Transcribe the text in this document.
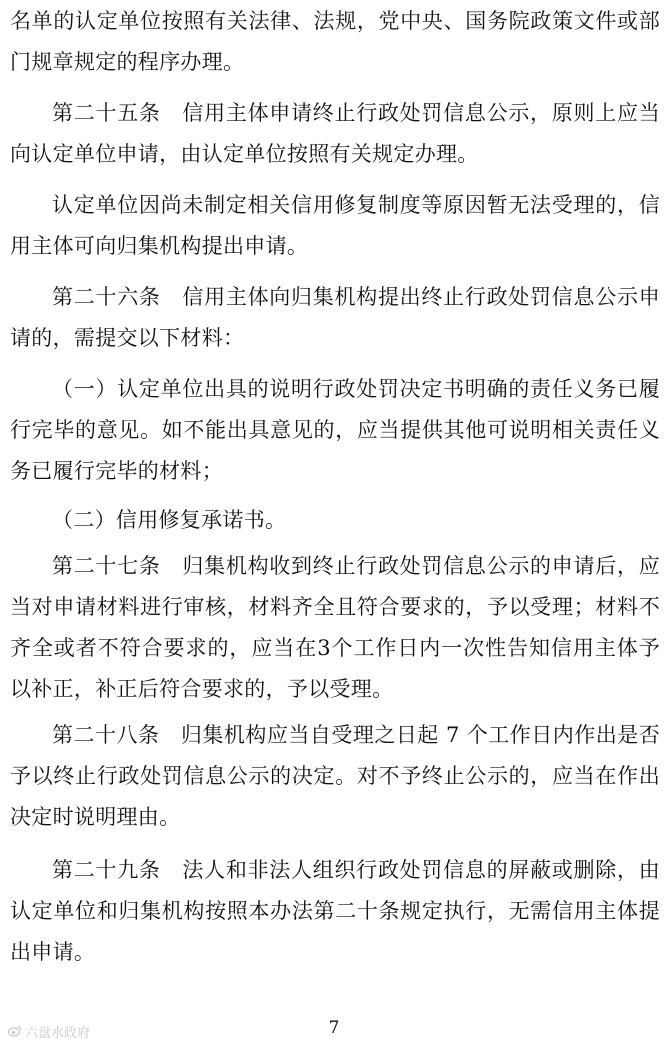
名单的认定单位按照有关法律、法规，党中央、国务院政策文件或部门规章规定的程序办理。

第二十五条　信用主体申请终止行政处罚信息公示，原则上应当向认定单位申请，由认定单位按照有关规定办理。

认定单位因尚未制定相关信用修复制度等原因暂无法受理的，信用主体可向归集机构提出申请。

第二十六条　信用主体向归集机构提出终止行政处罚信息公示申请的，需提交以下材料：

（一）认定单位出具的说明行政处罚决定书明确的责任义务已履行完毕的意见。如不能出具意见的，应当提供其他可说明相关责任义务已履行完毕的材料；

（二）信用修复承诺书。

第二十七条　归集机构收到终止行政处罚信息公示的申请后，应当对申请材料进行审核，材料齐全且符合要求的，予以受理；材料不齐全或者不符合要求的，应当在3个工作日内一次性告知信用主体予以补正，补正后符合要求的，予以受理。

第二十八条　归集机构应当自受理之日起 7 个工作日内作出是否予以终止行政处罚信息公示的决定。对不予终止公示的，应当在作出决定时说明理由。

第二十九条　法人和非法人组织行政处罚信息的屏蔽或删除，由认定单位和归集机构按照本办法第二十条规定执行，无需信用主体提出申请。

7
六盘水政府
